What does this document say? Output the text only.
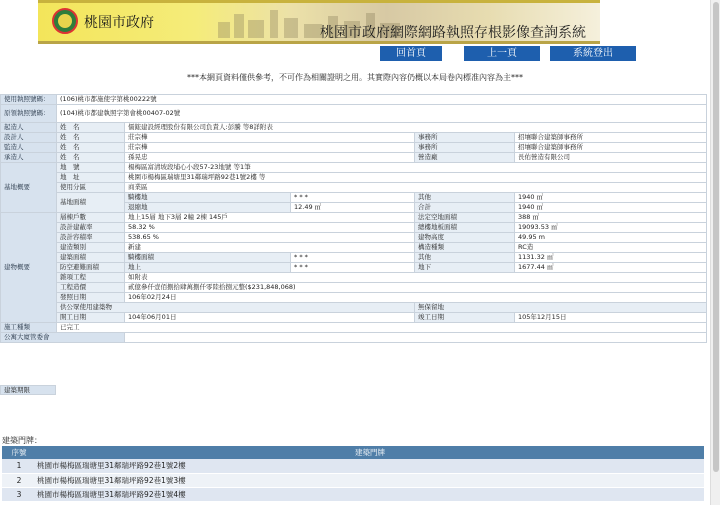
桃園市政府
桃園市政府網際網路執照存根影像查詢系統
回首頁	上一頁	系統登出
***本網頁資料僅供參考，不可作為相關證明之用。其實際內容仍概以本局卷內標准內容為主***
使用執照號碼：	(106)桃市都施使字第桃00222號				
原領執照號碼：	(104)桃市都建執照字第會桃00407-02號				
起造人	姓　名	儒鋐建設經理股份有限公司負責人:彭騰 等8詳附表			
設計人	姓　名	莊宗樺		事務所	招壤聯合建築師事務所
監造人	姓　名	莊宗樺		事務所	招壤聯合建築師事務所
承造人	姓　名	孫晃忠		營造廠	長佑營造有限公司
基地概要	地　號	楊梅區富清坡段埔心小段57-23地號 等1筆			
	地　址	桃園市楊梅區瑞塘里31鄰瑞坪路92巷1號2樓 等			
	使用分區	商業區			
	基地面積	騎樓地	* * *	其他	1940 ㎡
		退縮地	12.49 ㎡	合計	1940 ㎡
建物概要	層棟戶數	地上15層 地下3層 2幢 2棟 145戶		法定空地面積	388 ㎡
	設計建蔽率	58.32 %		總樓地板面積	19093.53 ㎡
	設計容積率	538.65 %		建物高度	49.95 m
	建造類別	新建		構造種類	RC造
	建築面積	騎樓面積	* * *	其他	1131.32 ㎡
	防空避難面積	地上	* * *	地下	1677.44 ㎡
	雜項工程	如附表			
	工程造價	貳億參仟壹佰捌拾肆萬捌仟零陸拾捌元整($231,848,068)			
	發照日期	106年02月24日			
	供公眾使用建築物			無保留地	
	開工日期	104年06月01日		竣工日期	105年12月15日
施工種類	已完工				
公寓大廈管委會					
建築期限
建築門牌：
序號	建築門牌
1	桃園市楊梅區瑞塘里31鄰瑞坪路92巷1號2樓
2	桃園市楊梅區瑞塘里31鄰瑞坪路92巷1號3樓
3	桃園市楊梅區瑞塘里31鄰瑞坪路92巷1號4樓
